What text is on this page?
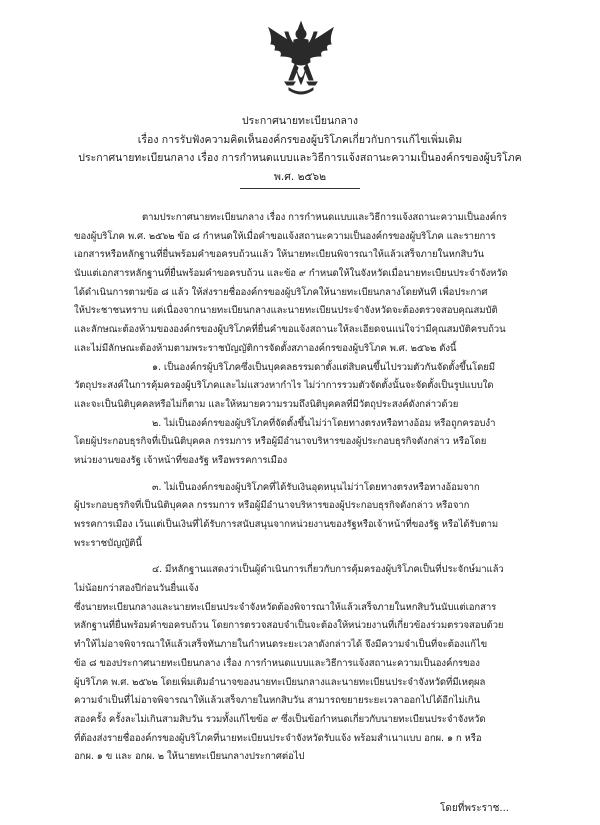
ประกาศนายทะเบียนกลาง
เรื่อง การรับฟังความคิดเห็นองค์กรของผู้บริโภคเกี่ยวกับการแก้ไขเพิ่มเติม
ประกาศนายทะเบียนกลาง เรื่อง การกำหนดแบบและวิธีการแจ้งสถานะความเป็นองค์กรของผู้บริโภค
พ.ศ. ๒๕๖๒
ตามประกาศนายทะเบียนกลาง เรื่อง การกำหนดแบบและวิธีการแจ้งสถานะความเป็นองค์กร
ของผู้บริโภค พ.ศ. ๒๕๖๒ ข้อ ๘ กำหนดให้เมื่อคำขอแจ้งสถานะความเป็นองค์กรของผู้บริโภค และรายการ
เอกสารหรือหลักฐานที่ยื่นพร้อมคำขอครบถ้วนแล้ว ให้นายทะเบียนพิจารณาให้แล้วเสร็จภายในหกสิบวัน
นับแต่เอกสารหลักฐานที่ยื่นพร้อมคำขอครบถ้วน และข้อ ๙ กำหนดให้ในจังหวัดเมื่อนายทะเบียนประจำจังหวัด
ได้ดำเนินการตามข้อ ๘ แล้ว ให้ส่งรายชื่อองค์กรของผู้บริโภคให้นายทะเบียนกลางโดยทันที เพื่อประกาศ
ให้ประชาชนทราบ แต่เนื่องจากนายทะเบียนกลางและนายทะเบียนประจำจังหวัดจะต้องตรวจสอบคุณสมบัติ
และลักษณะต้องห้ามขององค์กรของผู้บริโภคที่ยื่นคำขอแจ้งสถานะให้ละเอียดจนแน่ใจว่ามีคุณสมบัติครบถ้วน
และไม่มีลักษณะต้องห้ามตามพระราชบัญญัติการจัดตั้งสภาองค์กรของผู้บริโภค พ.ศ. ๒๕๖๒ ดังนี้
๑. เป็นองค์กรผู้บริโภคซึ่งเป็นบุคคลธรรมดาตั้งแต่สิบคนขึ้นไปรวมตัวกันจัดตั้งขึ้นโดยมี
วัตถุประสงค์ในการคุ้มครองผู้บริโภคและไม่แสวงหากำไร ไม่ว่าการรวมตัวจัดตั้งนั้นจะจัดตั้งเป็นรูปแบบใด
และจะเป็นนิติบุคคลหรือไม่ก็ตาม และให้หมายความรวมถึงนิติบุคคลที่มีวัตถุประสงค์ดังกล่าวด้วย
๒. ไม่เป็นองค์กรของผู้บริโภคที่จัดตั้งขึ้นไม่ว่าโดยทางตรงหรือทางอ้อม หรือถูกครอบงำ
โดยผู้ประกอบธุรกิจที่เป็นนิติบุคคล กรรมการ หรือผู้มีอำนาจบริหารของผู้ประกอบธุรกิจดังกล่าว หรือโดย
หน่วยงานของรัฐ เจ้าหน้าที่ของรัฐ หรือพรรคการเมือง
๓. ไม่เป็นองค์กรของผู้บริโภคที่ได้รับเงินอุดหนุนไม่ว่าโดยทางตรงหรือทางอ้อมจาก
ผู้ประกอบธุรกิจที่เป็นนิติบุคคล กรรมการ หรือผู้มีอำนาจบริหารของผู้ประกอบธุรกิจดังกล่าว หรือจาก
พรรคการเมือง เว้นแต่เป็นเงินที่ได้รับการสนับสนุนจากหน่วยงานของรัฐหรือเจ้าหน้าที่ของรัฐ หรือได้รับตาม
พระราชบัญญัตินี้
๔. มีหลักฐานแสดงว่าเป็นผู้ดำเนินการเกี่ยวกับการคุ้มครองผู้บริโภคเป็นที่ประจักษ์มาแล้ว
ไม่น้อยกว่าสองปีก่อนวันยื่นแจ้ง
ซึ่งนายทะเบียนกลางและนายทะเบียนประจำจังหวัดต้องพิจารณาให้แล้วเสร็จภายในหกสิบวันนับแต่เอกสาร
หลักฐานที่ยื่นพร้อมคำขอครบถ้วน โดยการตรวจสอบจำเป็นจะต้องให้หน่วยงานที่เกี่ยวข้องร่วมตรวจสอบด้วย
ทำให้ไม่อาจพิจารณาให้แล้วเสร็จทันภายในกำหนดระยะเวลาดังกล่าวได้ จึงมีความจำเป็นที่จะต้องแก้ไข
ข้อ ๘ ของประกาศนายทะเบียนกลาง เรื่อง การกำหนดแบบและวิธีการแจ้งสถานะความเป็นองค์กรของ
ผู้บริโภค พ.ศ. ๒๕๖๒ โดยเพิ่มเติมอำนาจของนายทะเบียนกลางและนายทะเบียนประจำจังหวัดที่มีเหตุผล
ความจำเป็นที่ไม่อาจพิจารณาให้แล้วเสร็จภายในหกสิบวัน สามารถขยายระยะเวลาออกไปได้อีกไม่เกิน
สองครั้ง ครั้งละไม่เกินสามสิบวัน รวมทั้งแก้ไขข้อ ๙ ซึ่งเป็นข้อกำหนดเกี่ยวกับนายทะเบียนประจำจังหวัด
ที่ต้องส่งรายชื่อองค์กรของผู้บริโภคที่นายทะเบียนประจำจังหวัดรับแจ้ง พร้อมสำเนาแบบ อกผ. ๑ ก หรือ
อกผ. ๑ ข และ อกผ. ๒ ให้นายทะเบียนกลางประกาศต่อไป
โดยที่พระราช...
